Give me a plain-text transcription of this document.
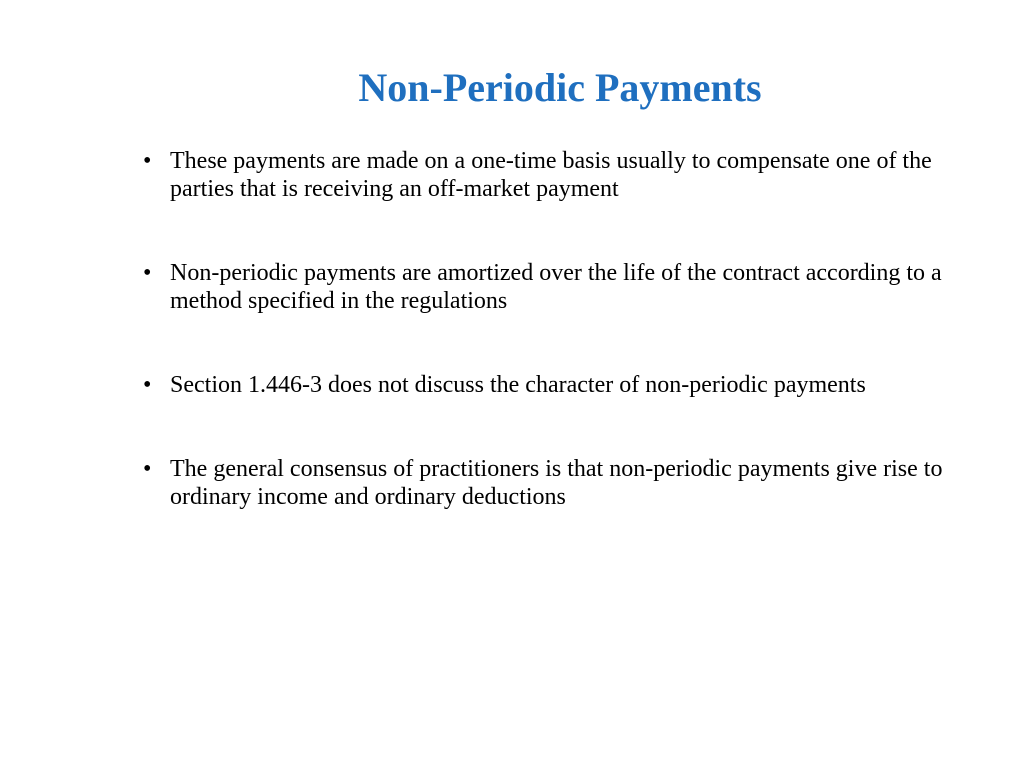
Non-Periodic Payments
• These payments are made on a one-time basis usually to compensate one of the parties that is receiving an off-market payment
• Non-periodic payments are amortized over the life of the contract according to a method specified in the regulations
• Section 1.446-3 does not discuss the character of non-periodic payments
• The general consensus of practitioners is that non-periodic payments give rise to ordinary income and ordinary deductions
